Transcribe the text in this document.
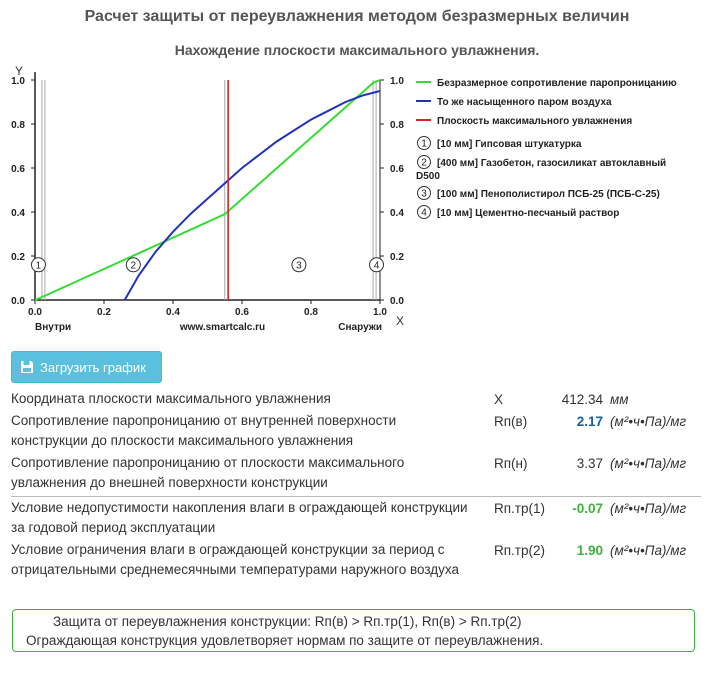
Расчет защиты от переувлажнения методом безразмерных величин
Нахождение плоскости максимального увлажнения.
Y
X
0.0	0.2	0.4	0.6	0.8	1.0
0.0	0.0
0.2	0.2
0.4	0.4
0.6	0.6
0.8	0.8
1.0	1.0
1	2	3	4
Внутри	www.smartcalc.ru	Снаружи
Безразмерное сопротивление паропроницанию
То же насыщенного паром воздуха
Плоскость максимального увлажнения
1 [10 мм] Гипсовая штукатурка
2 [400 мм] Газобетон, газосиликат автоклавный
D500
3 [100 мм] Пенополистирол ПСБ-25 (ПСБ-С-25)
4 [10 мм] Цементно-песчаный раствор
Загрузить график
Координата плоскости максимального увлажнения	X	412.34 мм
Сопротивление паропроницанию от внутренней поверхности конструкции до плоскости максимального увлажнения
Rп(в)	2.17 (м²•ч•Па)/мг
Сопротивление паропроницанию от плоскости максимального увлажнения до внешней поверхности конструкции
Rп(н)	3.37 (м²•ч•Па)/мг
Условие недопустимости накопления влаги в ограждающей конструкции за годовой период эксплуатации
Rп.тр(1)	-0.07 (м²•ч•Па)/мг
Условие ограничения влаги в ограждающей конструкции за период с отрицательными среднемесячными температурами наружного воздуха
Rп.тр(2)	1.90 (м²•ч•Па)/мг
Защита от переувлажнения конструкции: Rп(в) > Rп.тр(1), Rп(в) > Rп.тр(2)
Ограждающая конструкция удовлетворяет нормам по защите от переувлажнения.
